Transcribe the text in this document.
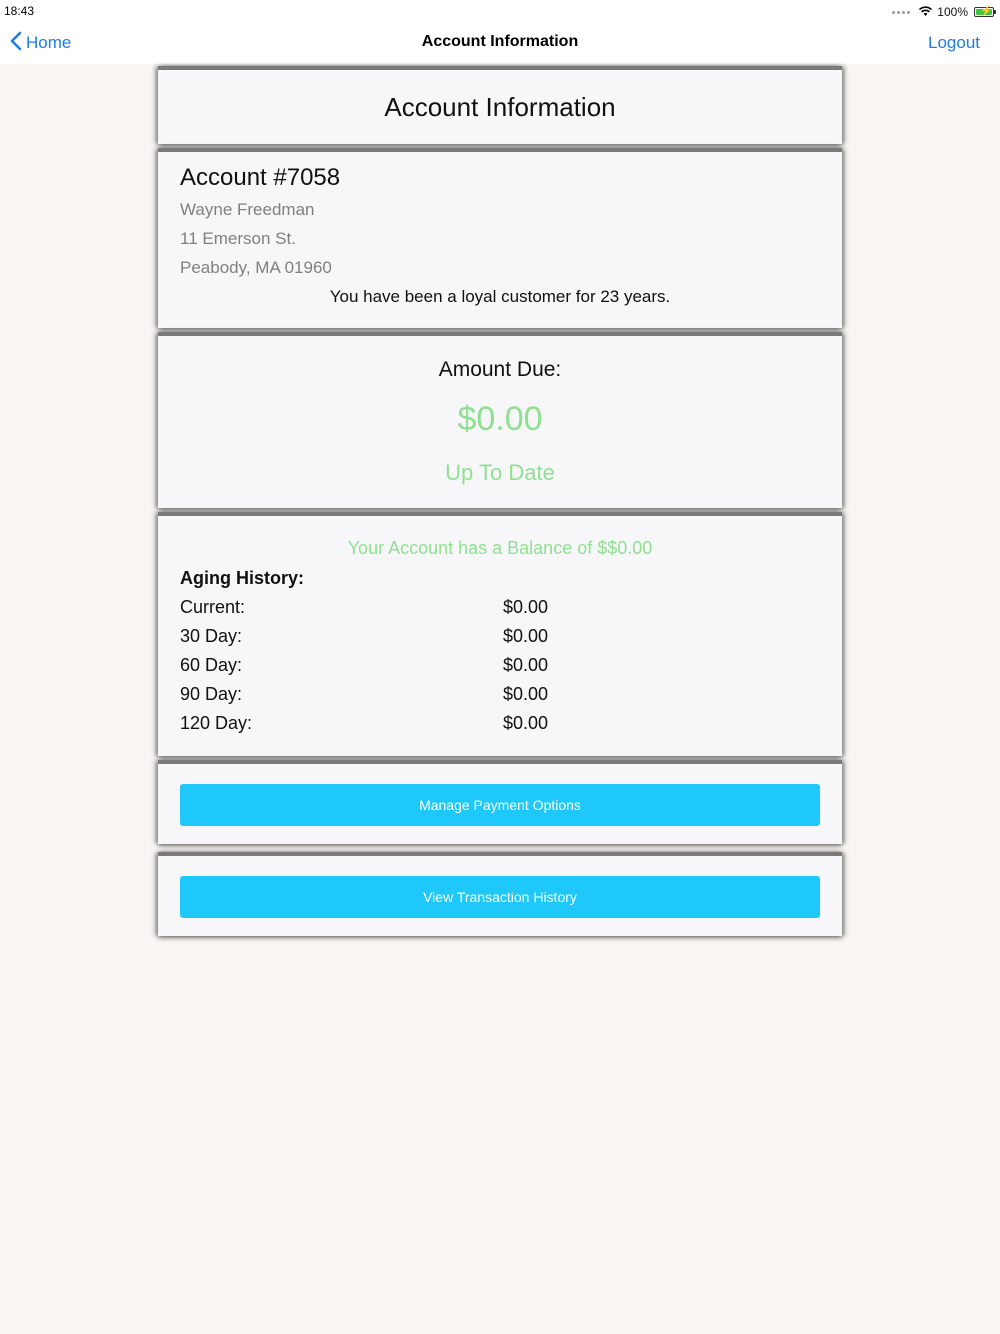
18:43	100% ⚡
Home	Account Information	Logout
Account Information
Account #7058
Wayne Freedman
11 Emerson St.
Peabody, MA 01960
You have been a loyal customer for 23 years.
Amount Due:
$0.00
Up To Date
Your Account has a Balance of $$0.00
Aging History:
Current:	$0.00
30 Day:	$0.00
60 Day:	$0.00
90 Day:	$0.00
120 Day:	$0.00
Manage Payment Options
View Transaction History
